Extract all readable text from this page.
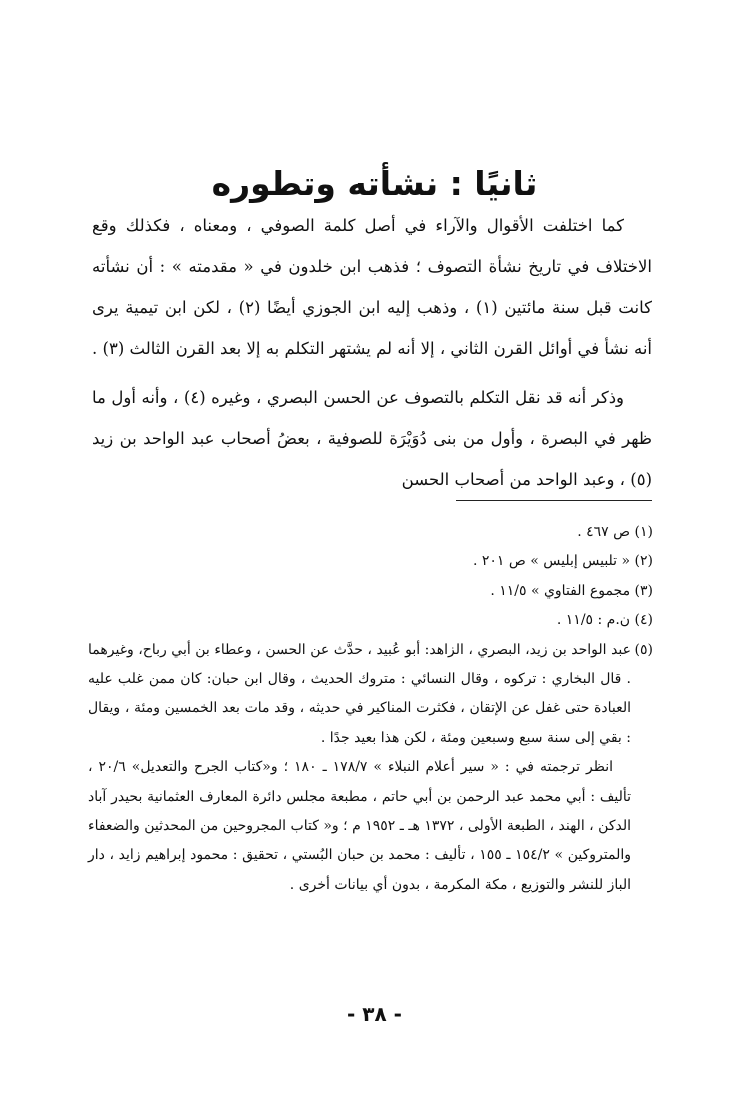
ثانيًا : نشأته وتطوره

كما اختلفت الأقوال والآراء في أصل كلمة الصوفي ، ومعناه ، فكذلك وقع الاختلاف في تاريخ نشأة التصوف ؛ فذهب ابن خلدون في « مقدمته » : أن نشأته كانت قبل سنة مائتين (١) ، وذهب إليه ابن الجوزي أيضًا (٢) ، لكن ابن تيمية يرى أنه نشأ في أوائل القرن الثاني ، إلا أنه لم يشتهر التكلم به إلا بعد القرن الثالث (٣) .

وذكر أنه قد نقل التكلم بالتصوف عن الحسن البصري ، وغيره (٤) ، وأنه أول ما ظهر في البصرة ، وأول من بنى دُوَيْرَة للصوفية ، بعضُ أصحاب عبد الواحد بن زيد (٥) ، وعبد الواحد من أصحاب الحسن

(١) ص ٤٦٧ .
(٢) « تلبيس إبليس » ص ٢٠١ .
(٣) مجموع الفتاوي » ١١/٥ .
(٤) ن.م : ١١/٥ .
(٥)عبد الواحد بن زيد، البصري ، الزاهد: أبو عُبيد ، حدَّث عن الحسن ، وعطاء بن أبي رباح، وغيرهما . قال البخاري : تركوه ، وقال النسائي : متروك الحديث ، وقال ابن حبان: كان ممن غلب عليه العبادة حتى غفل عن الإتقان ، فكثرت المناكير في حديثه ، وقد مات بعد الخمسين ومئة ، ويقال : بقي إلى سنة سبع وسبعين ومئة ، لكن هذا بعيد جدًا .
انظر ترجمته في : « سير أعلام النبلاء » ١٧٨/٧ ـ ١٨٠ ؛ و«كتاب الجرح والتعديل» ٢٠/٦ ، تأليف : أبي محمد عبد الرحمن بن أبي حاتم ، مطبعة مجلس دائرة المعارف العثمانية بحيدر آباد الدكن ، الهند ، الطبعة الأولى ، ١٣٧٢ هـ ـ ١٩٥٢ م ؛ و« كتاب المجروحين من المحدثين والضعفاء والمتروكين » ١٥٤/٢ ـ ١٥٥ ، تأليف : محمد بن حبان البُستي ، تحقيق : محمود إبراهيم زايد ، دار الباز للنشر والتوزيع ، مكة المكرمة ، بدون أي بيانات أخرى .
- ٣٨ -
